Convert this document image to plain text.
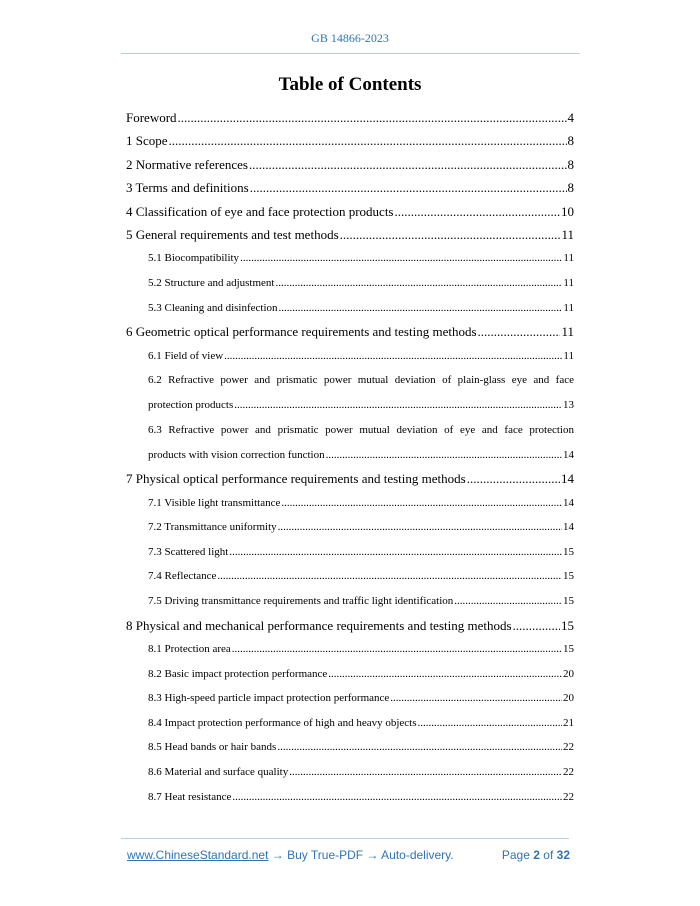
GB 14866-2023
Table of Contents
Foreword .....	4
1 Scope .....	8
2 Normative references .....	8
3 Terms and definitions .....	8
4 Classification of eye and face protection products .....	10
5 General requirements and test methods .....	11
5.1 Biocompatibility .....	11
5.2 Structure and adjustment .....	11
5.3 Cleaning and disinfection .....	11
6 Geometric optical performance requirements and testing methods .....	11
6.1 Field of view .....	11
6.2 Refractive power and prismatic power mutual deviation of plain-glass eye and face
protection products .....	13
6.3 Refractive power and prismatic power mutual deviation of eye and face protection
products with vision correction function .....	14
7 Physical optical performance requirements and testing methods .....	14
7.1 Visible light transmittance .....	14
7.2 Transmittance uniformity .....	14
7.3 Scattered light .....	15
7.4 Reflectance .....	15
7.5 Driving transmittance requirements and traffic light identification .....	15
8 Physical and mechanical performance requirements and testing methods .....	15
8.1 Protection area .....	15
8.2 Basic impact protection performance .....	20
8.3 High-speed particle impact protection performance .....	20
8.4 Impact protection performance of high and heavy objects .....	21
8.5 Head bands or hair bands .....	22
8.6 Material and surface quality .....	22
8.7 Heat resistance .....	22
www.ChineseStandard.net → Buy True-PDF → Auto-delivery.	Page 2 of 32
